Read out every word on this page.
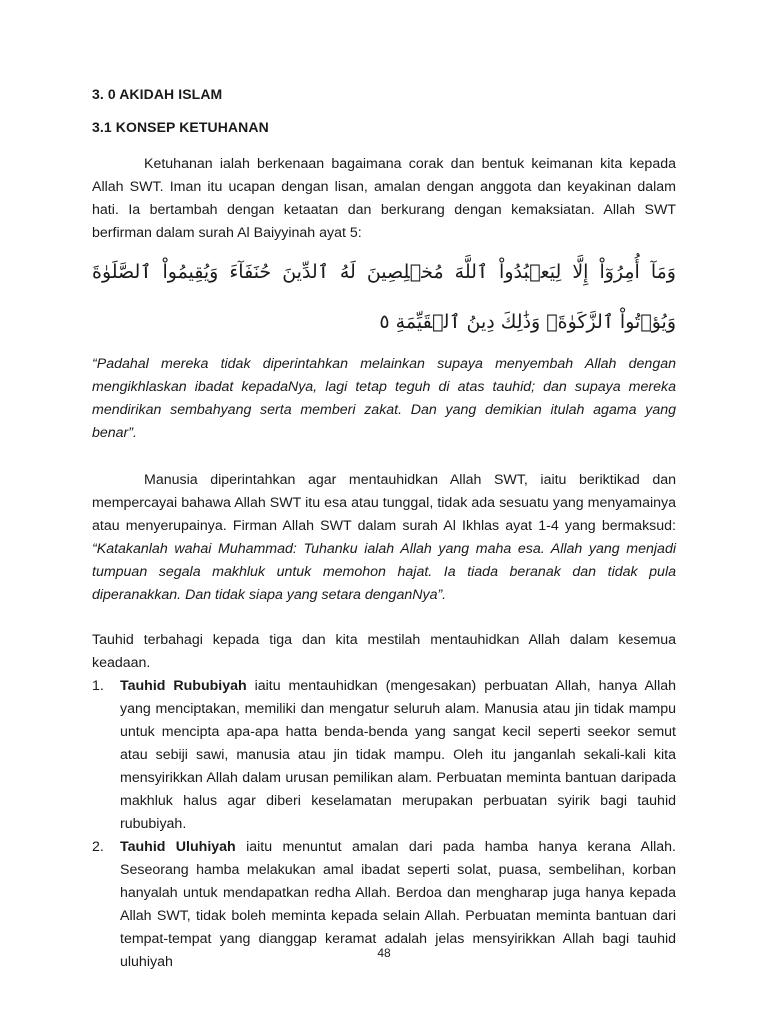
3. 0 AKIDAH ISLAM
3.1 KONSEP KETUHANAN

Ketuhanan ialah berkenaan bagaimana corak dan bentuk keimanan kita kepada Allah SWT. Iman itu ucapan dengan lisan, amalan dengan anggota dan keyakinan dalam hati. Ia bertambah dengan ketaatan dan berkurang dengan kemaksiatan. Allah SWT berfirman dalam surah Al Baiyyinah ayat 5:

وَمَآ أُمِرُوٓاْ إِلَّا لِيَعۡبُدُواْ ٱللَّهَ مُخۡلِصِينَ لَهُ ٱلدِّينَ حُنَفَآءَ وَيُقِيمُواْ ٱلصَّلَوٰةَ وَيُؤۡتُواْ ٱلزَّكَوٰةَۚ وَذَٰلِكَ دِينُ ٱلۡقَيِّمَةِ ٥

“Padahal mereka tidak diperintahkan melainkan supaya menyembah Allah dengan mengikhlaskan ibadat kepadaNya, lagi tetap teguh di atas tauhid; dan supaya mereka mendirikan sembahyang serta memberi zakat. Dan yang demikian itulah agama yang benar”.

Manusia diperintahkan agar mentauhidkan Allah SWT, iaitu beriktikad dan mempercayai bahawa Allah SWT itu esa atau tunggal, tidak ada sesuatu yang menyamainya atau menyerupainya. Firman Allah SWT dalam surah Al Ikhlas ayat 1-4 yang bermaksud: “Katakanlah wahai Muhammad: Tuhanku ialah Allah yang maha esa. Allah yang menjadi tumpuan segala makhluk untuk memohon hajat. Ia tiada beranak dan tidak pula diperanakkan. Dan tidak siapa yang setara denganNya”.

Tauhid terbahagi kepada tiga dan kita mestilah mentauhidkan Allah dalam kesemua keadaan.

1. Tauhid Rububiyah iaitu mentauhidkan (mengesakan) perbuatan Allah, hanya Allah yang menciptakan, memiliki dan mengatur seluruh alam. Manusia atau jin tidak mampu untuk mencipta apa-apa hatta benda-benda yang sangat kecil seperti seekor semut atau sebiji sawi, manusia atau jin tidak mampu. Oleh itu janganlah sekali-kali kita mensyirikkan Allah dalam urusan pemilikan alam. Perbuatan meminta bantuan daripada makhluk halus agar diberi keselamatan merupakan perbuatan syirik bagi tauhid rububiyah.
2. Tauhid Uluhiyah iaitu menuntut amalan dari pada hamba hanya kerana Allah. Seseorang hamba melakukan amal ibadat seperti solat, puasa, sembelihan, korban hanyalah untuk mendapatkan redha Allah. Berdoa dan mengharap juga hanya kepada Allah SWT, tidak boleh meminta kepada selain Allah. Perbuatan meminta bantuan dari tempat-tempat yang dianggap keramat adalah jelas mensyirikkan Allah bagi tauhid uluhiyah
48
